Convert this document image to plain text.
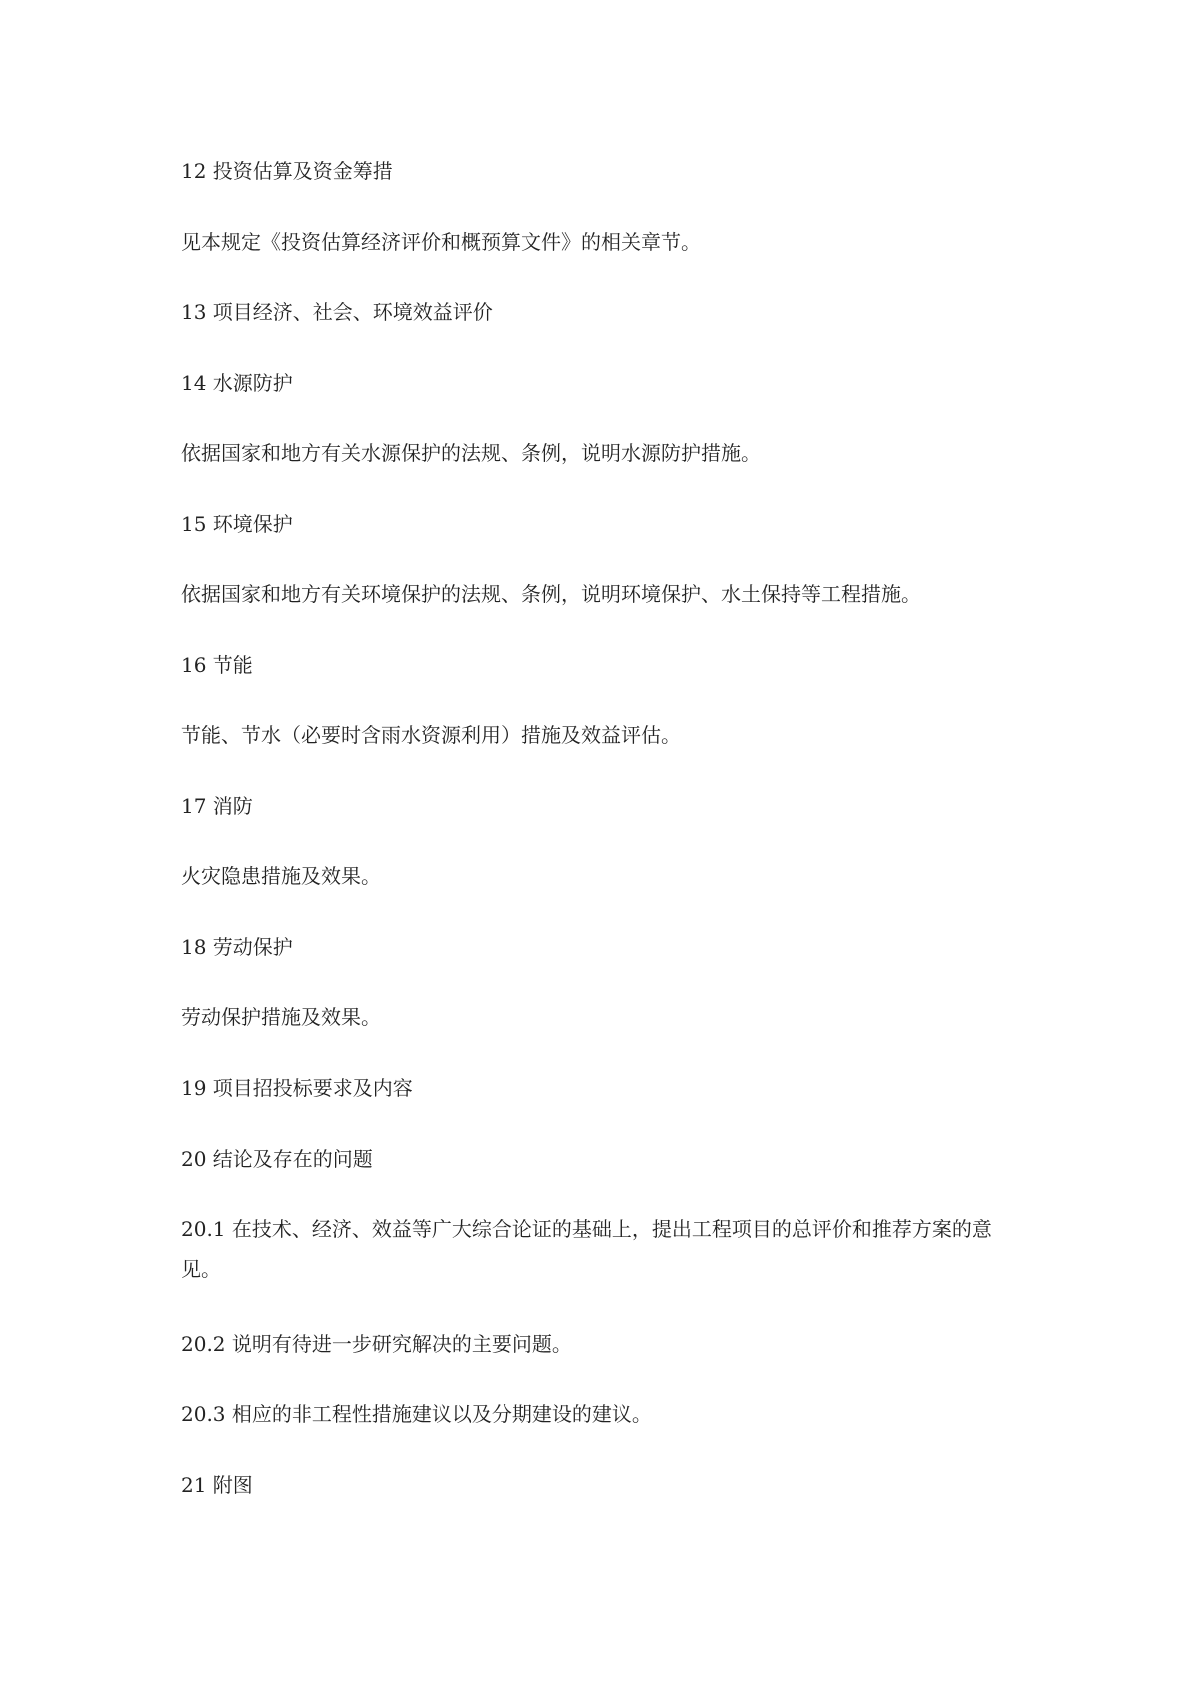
12 投资估算及资金筹措

见本规定《投资估算经济评价和概预算文件》的相关章节。

13 项目经济、社会、环境效益评价

14 水源防护

依据国家和地方有关水源保护的法规、条例，说明水源防护措施。

15 环境保护

依据国家和地方有关环境保护的法规、条例，说明环境保护、水土保持等工程措施。

16 节能

节能、节水（必要时含雨水资源利用）措施及效益评估。

17 消防

火灾隐患措施及效果。

18 劳动保护

劳动保护措施及效果。

19 项目招投标要求及内容

20 结论及存在的问题

20.1 在技术、经济、效益等广大综合论证的基础上，提出工程项目的总评价和推荐方案的意见。

20.2 说明有待进一步研究解决的主要问题。

20.3 相应的非工程性措施建议以及分期建设的建议。

21 附图
